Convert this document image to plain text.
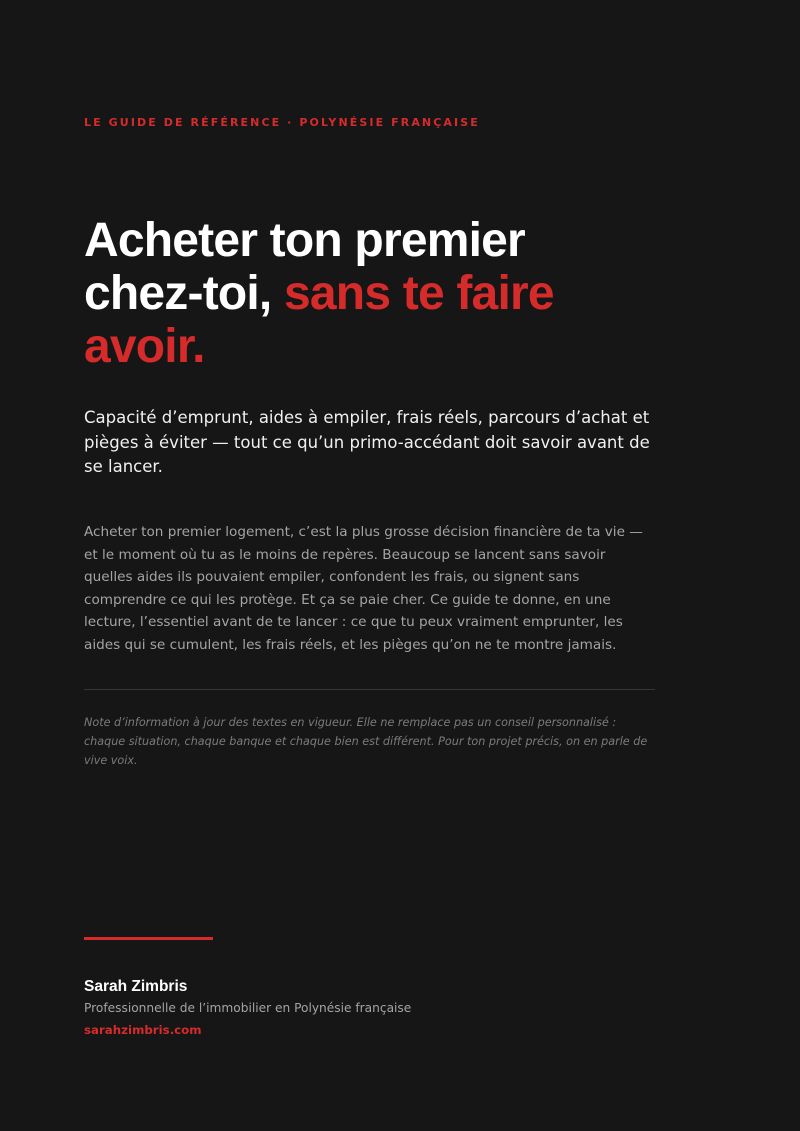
LE GUIDE DE RÉFÉRENCE · POLYNÉSIE FRANÇAISE
Acheter ton premier chez-toi, sans te faire avoir.

Capacité d’emprunt, aides à empiler, frais réels, parcours d’achat et pièges à éviter — tout ce qu’un primo-accédant doit savoir avant de se lancer.

Acheter ton premier logement, c’est la plus grosse décision financière de ta vie — et le moment où tu as le moins de repères. Beaucoup se lancent sans savoir quelles aides ils pouvaient empiler, confondent les frais, ou signent sans comprendre ce qui les protège. Et ça se paie cher. Ce guide te donne, en une lecture, l’essentiel avant de te lancer : ce que tu peux vraiment emprunter, les aides qui se cumulent, les frais réels, et les pièges qu’on ne te montre jamais.

Note d’information à jour des textes en vigueur. Elle ne remplace pas un conseil personnalisé : chaque situation, chaque banque et chaque bien est différent. Pour ton projet précis, on en parle de vive voix.

Sarah Zimbris
Professionnelle de l’immobilier en Polynésie française
sarahzimbris.com
